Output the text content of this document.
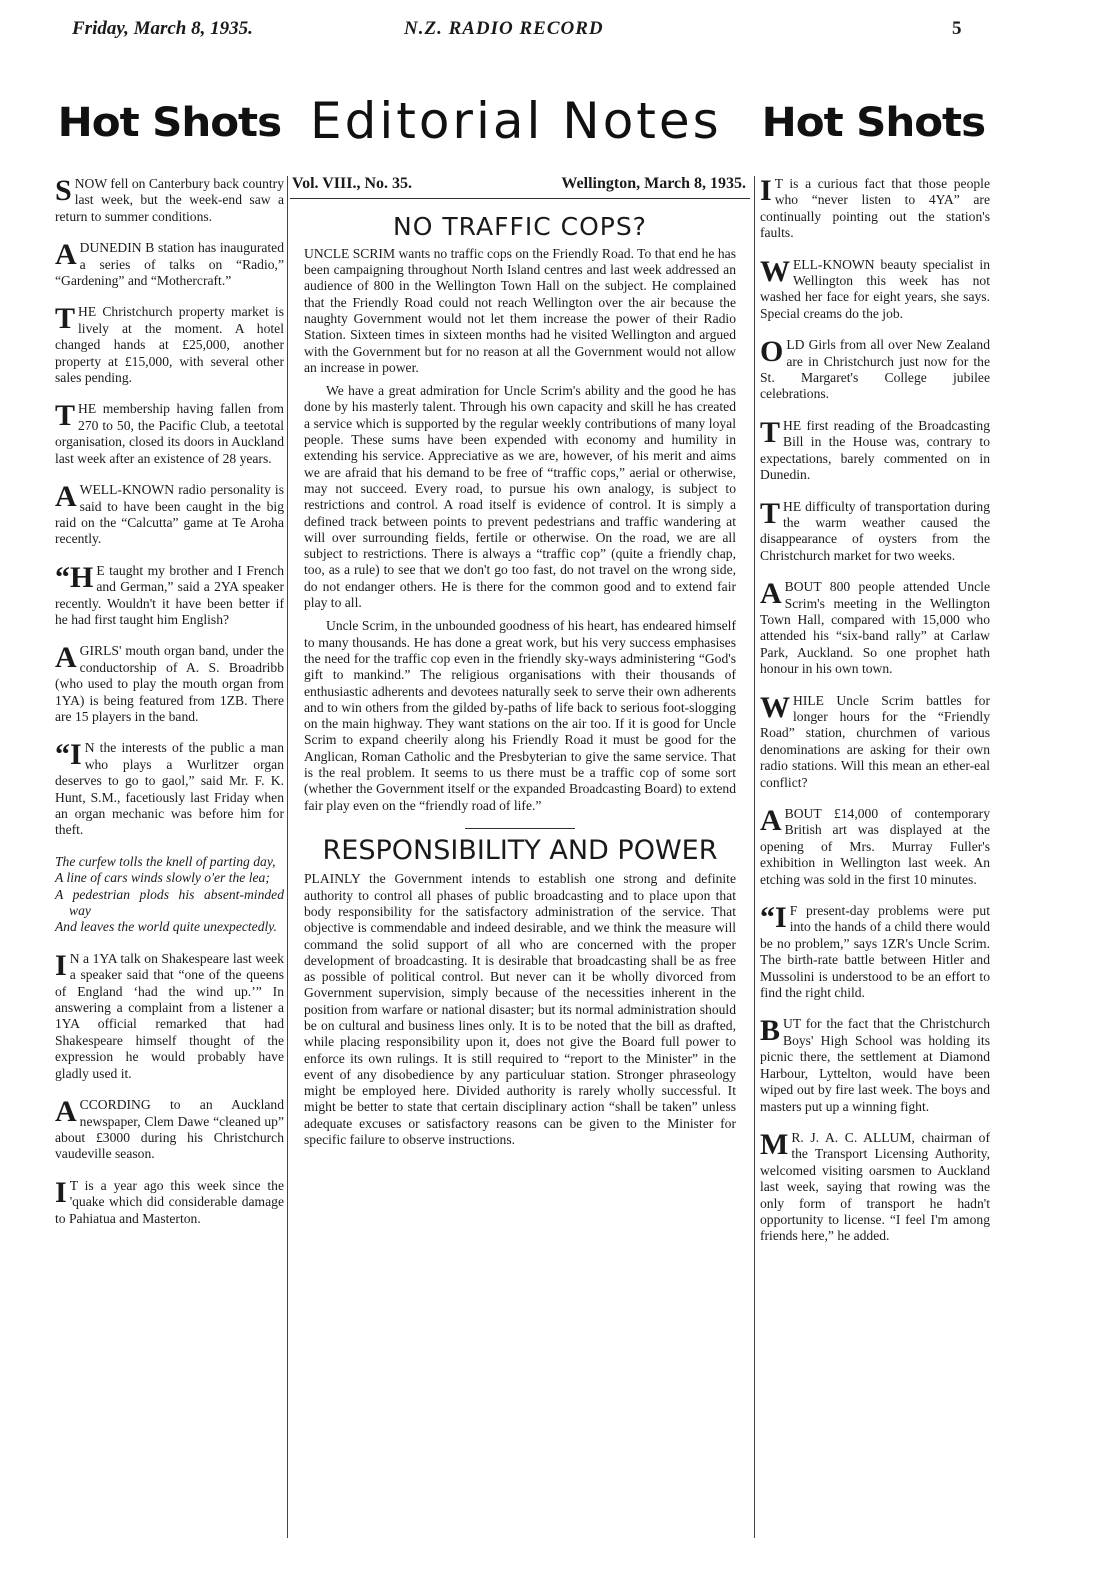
Friday, March 8, 1935.	N.Z. RADIO RECORD	5
Hot Shots Editorial Notes Hot Shots
SNOW fell on Canterbury back country last week, but the week-end saw a return to summer conditions.
A DUNEDIN B station has inaugurated a series of talks on “Radio,” “Gardening” and “Mothercraft.”
THE Christchurch property market is lively at the moment. A hotel changed hands at £25,000, another property at £15,000, with several other sales pending.
THE membership having fallen from 270 to 50, the Pacific Club, a teetotal organisation, closed its doors in Auckland last week after an existence of 28 years.
A WELL-KNOWN radio personality is said to have been caught in the big raid on the “Calcutta” game at Te Aroha recently.
“H E taught my brother and I French and German,” said a 2YA speaker recently. Wouldn't it have been better if he had first taught him English?
A GIRLS' mouth organ band, under the conductorship of A. S. Broadribb (who used to play the mouth organ from 1YA) is being featured from 1ZB. There are 15 players in the band.
“I N the interests of the public a man who plays a Wurlitzer organ deserves to go to gaol,” said Mr. F. K. Hunt, S.M., facetiously last Friday when an organ mechanic was before him for theft.
The curfew tolls the knell of parting day,
A line of cars winds slowly o'er the lea;
A pedestrian plods his absent-minded way
And leaves the world quite unexpectedly.
I N a 1YA talk on Shakespeare last week a speaker said that “one of the queens of England ‘had the wind up.’” In answering a complaint from a listener a 1YA official remarked that had Shakespeare himself thought of the expression he would probably have gladly used it.
ACCORDING to an Auckland newspaper, Clem Dawe “cleaned up” about £3000 during his Christchurch vaudeville season.
I T is a year ago this week since the 'quake which did considerable damage to Pahiatua and Masterton.
Vol. VIII., No. 35.	Wellington, March 8, 1935.
NO TRAFFIC COPS?

UNCLE SCRIM wants no traffic cops on the Friendly Road. To that end he has been campaigning throughout North Island centres and last week addressed an audience of 800 in the Wellington Town Hall on the subject. He complained that the Friendly Road could not reach Wellington over the air because the naughty Government would not let them increase the power of their Radio Station. Sixteen times in sixteen months had he visited Wellington and argued with the Government but for no reason at all the Government would not allow an increase in power.

We have a great admiration for Uncle Scrim's ability and the good he has done by his masterly talent. Through his own capacity and skill he has created a service which is supported by the regular weekly contributions of many loyal people. These sums have been expended with economy and humility in extending his service. Appreciative as we are, however, of his merit and aims we are afraid that his demand to be free of “traffic cops,” aerial or otherwise, may not succeed. Every road, to pursue his own analogy, is subject to restrictions and control. A road itself is evidence of control. It is simply a defined track between points to prevent pedestrians and traffic wandering at will over surrounding fields, fertile or otherwise. On the road, we are all subject to restrictions. There is always a “traffic cop” (quite a friendly chap, too, as a rule) to see that we don't go too fast, do not travel on the wrong side, do not endanger others. He is there for the common good and to extend fair play to all.

Uncle Scrim, in the unbounded goodness of his heart, has endeared himself to many thousands. He has done a great work, but his very success emphasises the need for the traffic cop even in the friendly sky-ways administering “God's gift to mankind.” The religious organisations with their thousands of enthusiastic adherents and devotees naturally seek to serve their own adherents and to win others from the gilded by-paths of life back to serious foot-slogging on the main highway. They want stations on the air too. If it is good for Uncle Scrim to expand cheerily along his Friendly Road it must be good for the Anglican, Roman Catholic and the Presbyterian to give the same service. That is the real problem. It seems to us there must be a traffic cop of some sort (whether the Government itself or the expanded Broadcasting Board) to extend fair play even on the “friendly road of life.”

RESPONSIBILITY AND POWER

PLAINLY the Government intends to establish one strong and definite authority to control all phases of public broadcasting and to place upon that body responsibility for the satisfactory administration of the service. That objective is commendable and indeed desirable, and we think the measure will command the solid support of all who are concerned with the proper development of broadcasting. It is desirable that broadcasting shall be as free as possible of political control. But never can it be wholly divorced from Government supervision, simply because of the necessities inherent in the position from warfare or national disaster; but its normal administration should be on cultural and business lines only. It is to be noted that the bill as drafted, while placing responsibility upon it, does not give the Board full power to enforce its own rulings. It is still required to “report to the Minister” in the event of any disobedience by any particuluar station. Stronger phraseology might be employed here. Divided authority is rarely wholly successful. It might be better to state that certain disciplinary action “shall be taken” unless adequate excuses or satisfactory reasons can be given to the Minister for specific failure to observe instructions.

I T is a curious fact that those people who “never listen to 4YA” are continually pointing out the station's faults.
WELL-KNOWN beauty specialist in Wellington this week has not washed her face for eight years, she says. Special creams do the job.
OLD Girls from all over New Zealand are in Christchurch just now for the St. Margaret's College jubilee celebrations.
THE first reading of the Broadcasting Bill in the House was, contrary to expectations, barely commented on in Dunedin.
THE difficulty of transportation during the warm weather caused the disappearance of oysters from the Christchurch market for two weeks.
ABOUT 800 people attended Uncle Scrim's meeting in the Wellington Town Hall, compared with 15,000 who attended his “six-band rally” at Carlaw Park, Auckland. So one prophet hath honour in his own town.
WHILE Uncle Scrim battles for longer hours for the “Friendly Road” station, churchmen of various denominations are asking for their own radio stations. Will this mean an ether-eal conflict?
ABOUT £14,000 of contemporary British art was displayed at the opening of Mrs. Murray Fuller's exhibition in Wellington last week. An etching was sold in the first 10 minutes.
“I F present-day problems were put into the hands of a child there would be no problem,” says 1ZR's Uncle Scrim. The birth-rate battle between Hitler and Mussolini is understood to be an effort to find the right child.
BUT for the fact that the Christchurch Boys' High School was holding its picnic there, the settlement at Diamond Harbour, Lyttelton, would have been wiped out by fire last week. The boys and masters put up a winning fight.
M R. J. A. C. ALLUM, chairman of the Transport Licensing Authority, welcomed visiting oarsmen to Auckland last week, saying that rowing was the only form of transport he hadn't opportunity to license. “I feel I'm among friends here,” he added.
